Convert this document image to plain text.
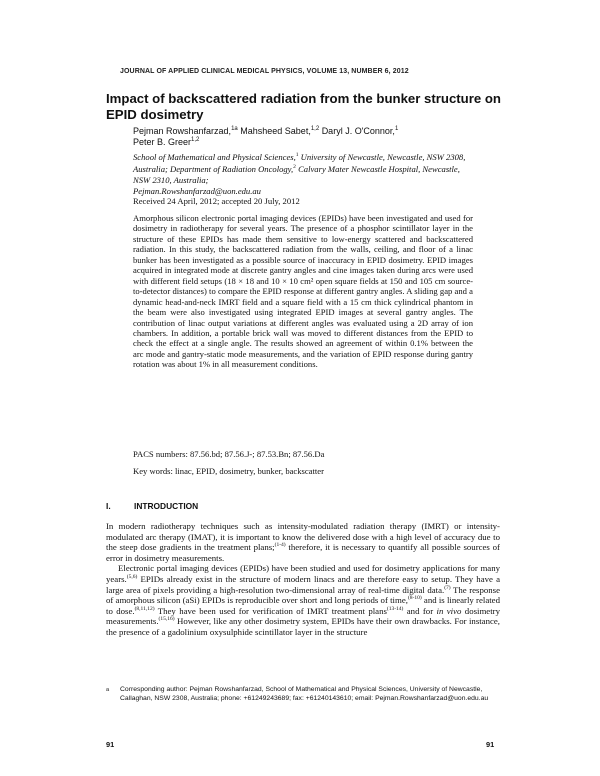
JOURNAL OF APPLIED CLINICAL MEDICAL PHYSICS, VOLUME 13, NUMBER 6, 2012
Impact of backscattered radiation from the bunker structure on EPID dosimetry
Pejman Rowshanfarzad,$^{1a}$ Mahsheed Sabet,$^{1,2}$ Daryl J. O'Connor,$^1$
Peter B. Greer$^{1,2}$
School of Mathematical and Physical Sciences,$^1$ University of Newcastle, Newcastle, NSW 2308, Australia; Department of Radiation Oncology,$^2$ Calvary Mater Newcastle Hospital, Newcastle, NSW 2310, Australia;
Pejman.Rowshanfarzad@uon.edu.au
Received 24 April, 2012; accepted 20 July, 2012
Amorphous silicon electronic portal imaging devices (EPIDs) have been investigated and used for dosimetry in radiotherapy for several years. The presence of a phosphor scintillator layer in the structure of these EPIDs has made them sensitive to low-energy scattered and backscattered radiation. In this study, the backscattered radiation from the walls, ceiling, and floor of a linac bunker has been investigated as a possible source of inaccuracy in EPID dosimetry. EPID images acquired in integrated mode at discrete gantry angles and cine images taken during arcs were used with different field setups (18 × 18 and 10 × 10 cm² open square fields at 150 and 105 cm source-to-detector distances) to compare the EPID response at different gantry angles. A sliding gap and a dynamic head-and-neck IMRT field and a square field with a 15 cm thick cylindrical phantom in the beam were also investigated using integrated EPID images at several gantry angles. The contribution of linac output variations at different angles was evaluated using a 2D array of ion chambers. In addition, a portable brick wall was moved to different distances from the EPID to check the effect at a single angle. The results showed an agreement of within 0.1% between the arc mode and gantry-static mode measurements, and the variation of EPID response during gantry rotation was about 1% in all measurement conditions.
PACS numbers: 87.56.bd; 87.56.J-; 87.53.Bn; 87.56.Da
Key words: linac, EPID, dosimetry, bunker, backscatter
I.	INTRODUCTION

In modern radiotherapy techniques such as intensity-modulated radiation therapy (IMRT) or intensity-modulated arc therapy (IMAT), it is important to know the delivered dose with a high level of accuracy due to the steep dose gradients in the treatment plans;$^{(1-4)}$ therefore, it is necessary to quantify all possible sources of error in dosimetry measurements.

Electronic portal imaging devices (EPIDs) have been studied and used for dosimetry applications for many years.$^{(5,6)}$ EPIDs already exist in the structure of modern linacs and are therefore easy to setup. They have a large area of pixels providing a high-resolution two-dimensional array of real-time digital data.$^{(7)}$ The response of amorphous silicon (aSi) EPIDs is reproducible over short and long periods of time,$^{(8-10)}$ and is linearly related to dose.$^{(8,11,12)}$ They have been used for verification of IMRT treatment plans$^{(13-14)}$ and for in vivo dosimetry measurements.$^{(15,16)}$ However, like any other dosimetry system, EPIDs have their own drawbacks. For instance, the presence of a gadolinium oxysulphide scintillator layer in the structure

a	Corresponding author: Pejman Rowshanfarzad, School of Mathematical and Physical Sciences, University of Newcastle, Callaghan, NSW 2308, Australia; phone: +61249243689; fax: +61240143610; email: Pejman.Rowshanfarzad@uon.edu.au
91	91
